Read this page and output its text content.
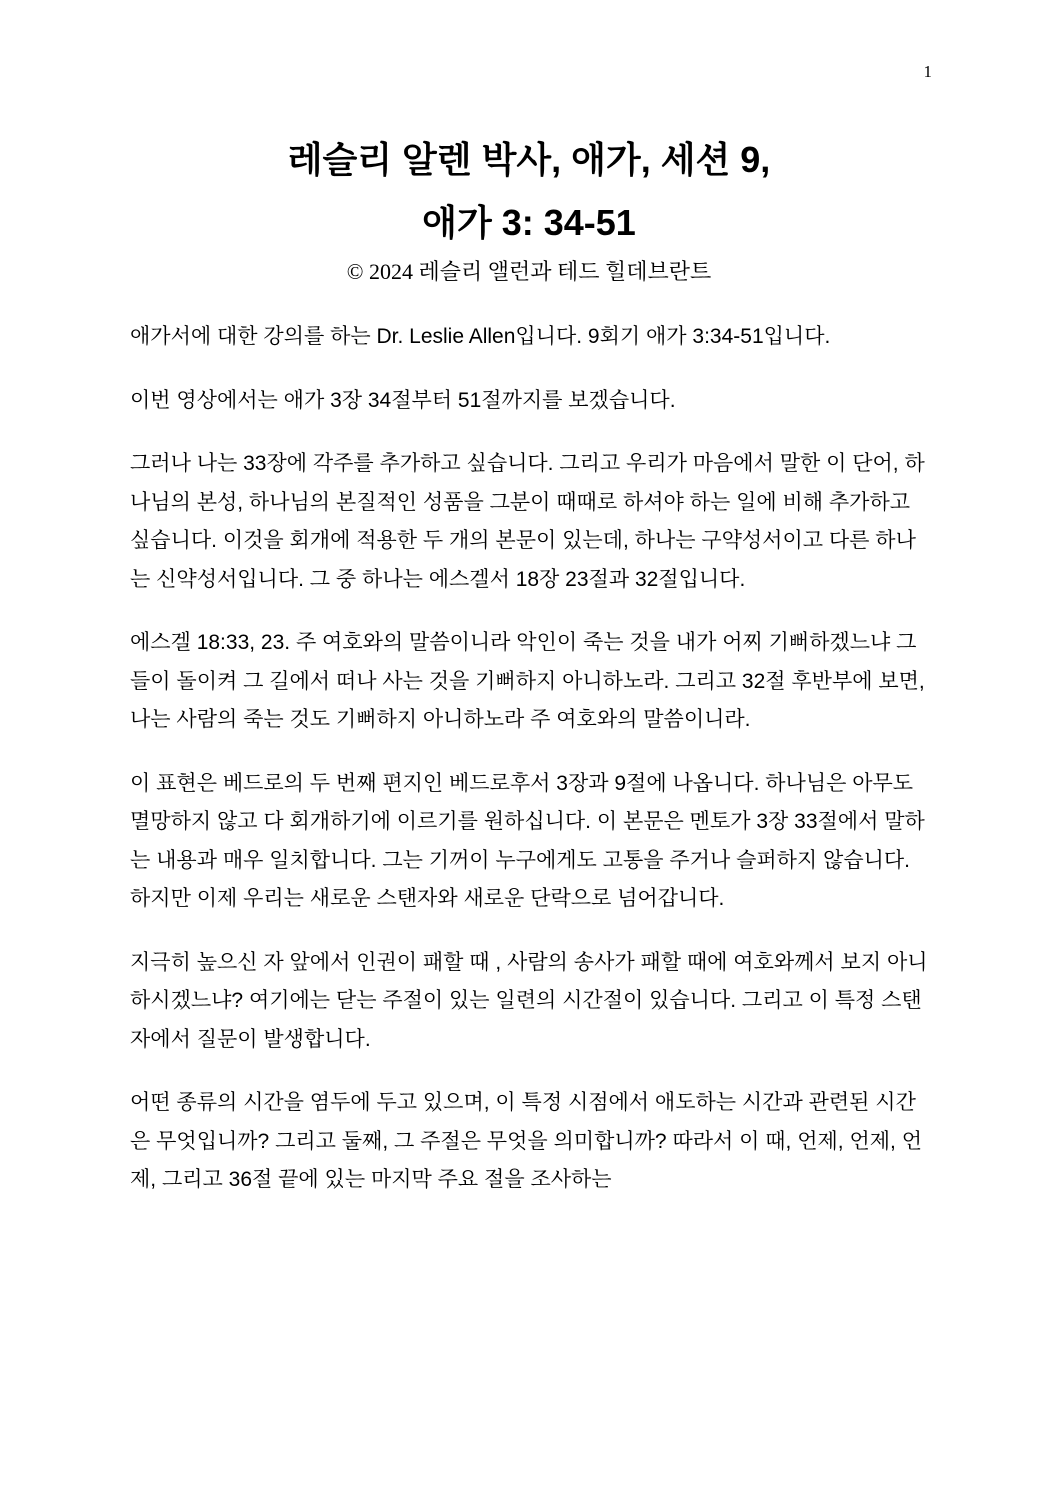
1
레슬리 알렌 박사, 애가, 세션 9,
애가 3: 34-51
© 2024 레슬리 앨런과 테드 힐데브란트

애가서에 대한 강의를 하는 Dr. Leslie Allen입니다. 9회기 애가 3:34-51입니다.

이번 영상에서는 애가 3장 34절부터 51절까지를 보겠습니다.

그러나 나는 33장에 각주를 추가하고 싶습니다. 그리고 우리가 마음에서 말한 이 단어, 하나님의 본성, 하나님의 본질적인 성품을 그분이 때때로 하셔야 하는 일에 비해 추가하고 싶습니다. 이것을 회개에 적용한 두 개의 본문이 있는데, 하나는 구약성서이고 다른 하나는 신약성서입니다. 그 중 하나는 에스겔서 18장 23절과 32절입니다.

에스겔 18:33, 23. 주 여호와의 말씀이니라 악인이 죽는 것을 내가 어찌 기뻐하겠느냐 그들이 돌이켜 그 길에서 떠나 사는 것을 기뻐하지 아니하노라. 그리고 32절 후반부에 보면, 나는 사람의 죽는 것도 기뻐하지 아니하노라 주 여호와의 말씀이니라.

이 표현은 베드로의 두 번째 편지인 베드로후서 3장과 9절에 나옵니다. 하나님은 아무도 멸망하지 않고 다 회개하기에 이르기를 원하십니다. 이 본문은 멘토가 3장 33절에서 말하는 내용과 매우 일치합니다. 그는 기꺼이 누구에게도 고통을 주거나 슬퍼하지 않습니다. 하지만 이제 우리는 새로운 스탠자와 새로운 단락으로 넘어갑니다.

지극히 높으신 자 앞에서 인권이 패할 때 , 사람의 송사가 패할 때에 여호와께서 보지 아니하시겠느냐? 여기에는 닫는 주절이 있는 일련의 시간절이 있습니다. 그리고 이 특정 스탠자에서 질문이 발생합니다.

어떤 종류의 시간을 염두에 두고 있으며, 이 특정 시점에서 애도하는 시간과 관련된 시간은 무엇입니까? 그리고 둘째, 그 주절은 무엇을 의미합니까? 따라서 이 때, 언제, 언제, 언제, 그리고 36절 끝에 있는 마지막 주요 절을 조사하는
